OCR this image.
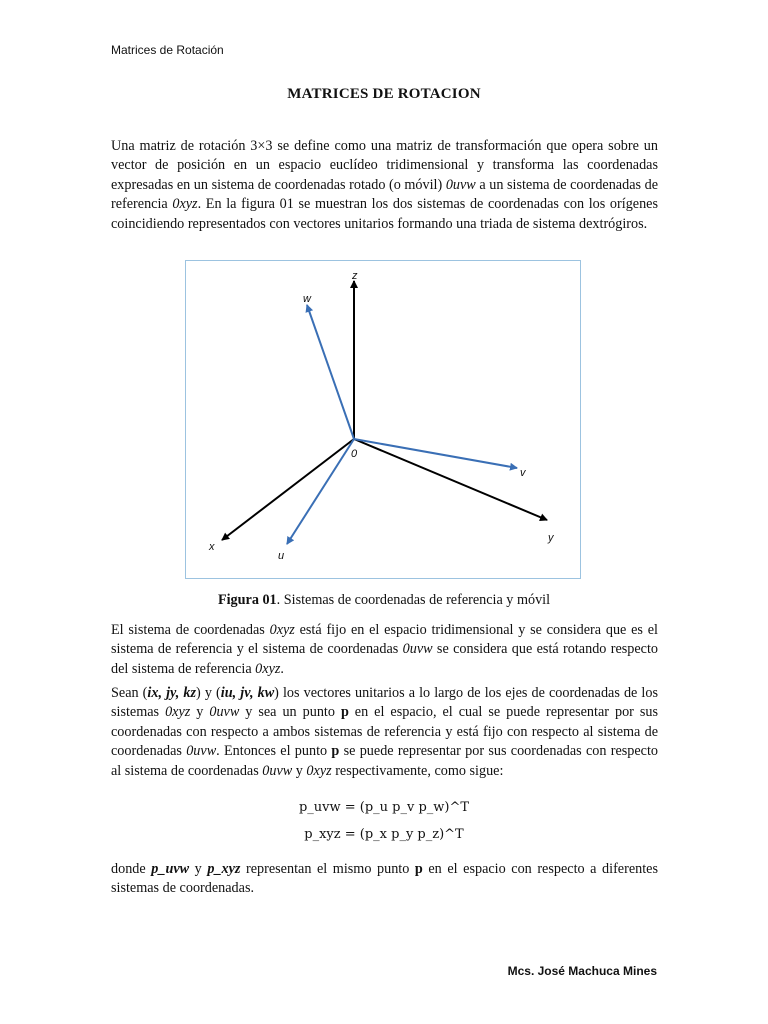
Matrices de Rotación
MATRICES DE ROTACION
Una matriz de rotación 3×3 se define como una matriz de transformación que opera sobre un vector de posición en un espacio euclídeo tridimensional y transforma las coordenadas expresadas en un sistema de coordenadas rotado (o móvil) 0uvw a un sistema de coordenadas de referencia 0xyz. En la figura 01 se muestran los dos sistemas de coordenadas con los orígenes coincidiendo representados con vectores unitarios formando una triada de sistema dextrógiros.
z
w
0
v
y
x
u
Figura 01. Sistemas de coordenadas de referencia y móvil
El sistema de coordenadas 0xyz está fijo en el espacio tridimensional y se considera que es el sistema de referencia y el sistema de coordenadas 0uvw se considera que está rotando respecto del sistema de referencia 0xyz.
Sean (ix, jy, kz) y (iu, jv, kw) los vectores unitarios a lo largo de los ejes de coordenadas de los sistemas 0xyz y 0uvw y sea un punto p en el espacio, el cual se puede representar por sus coordenadas con respecto a ambos sistemas de referencia y está fijo con respecto al sistema de coordenadas 0uvw. Entonces el punto p se puede representar por sus coordenadas con respecto al sistema de coordenadas 0uvw y 0xyz respectivamente, como sigue:
p_uvw = (p_u p_v p_w)^T
p_xyz = (p_x p_y p_z)^T
donde p_uvw y p_xyz representan el mismo punto p en el espacio con respecto a diferentes sistemas de coordenadas.
Mcs. José Machuca Mines
